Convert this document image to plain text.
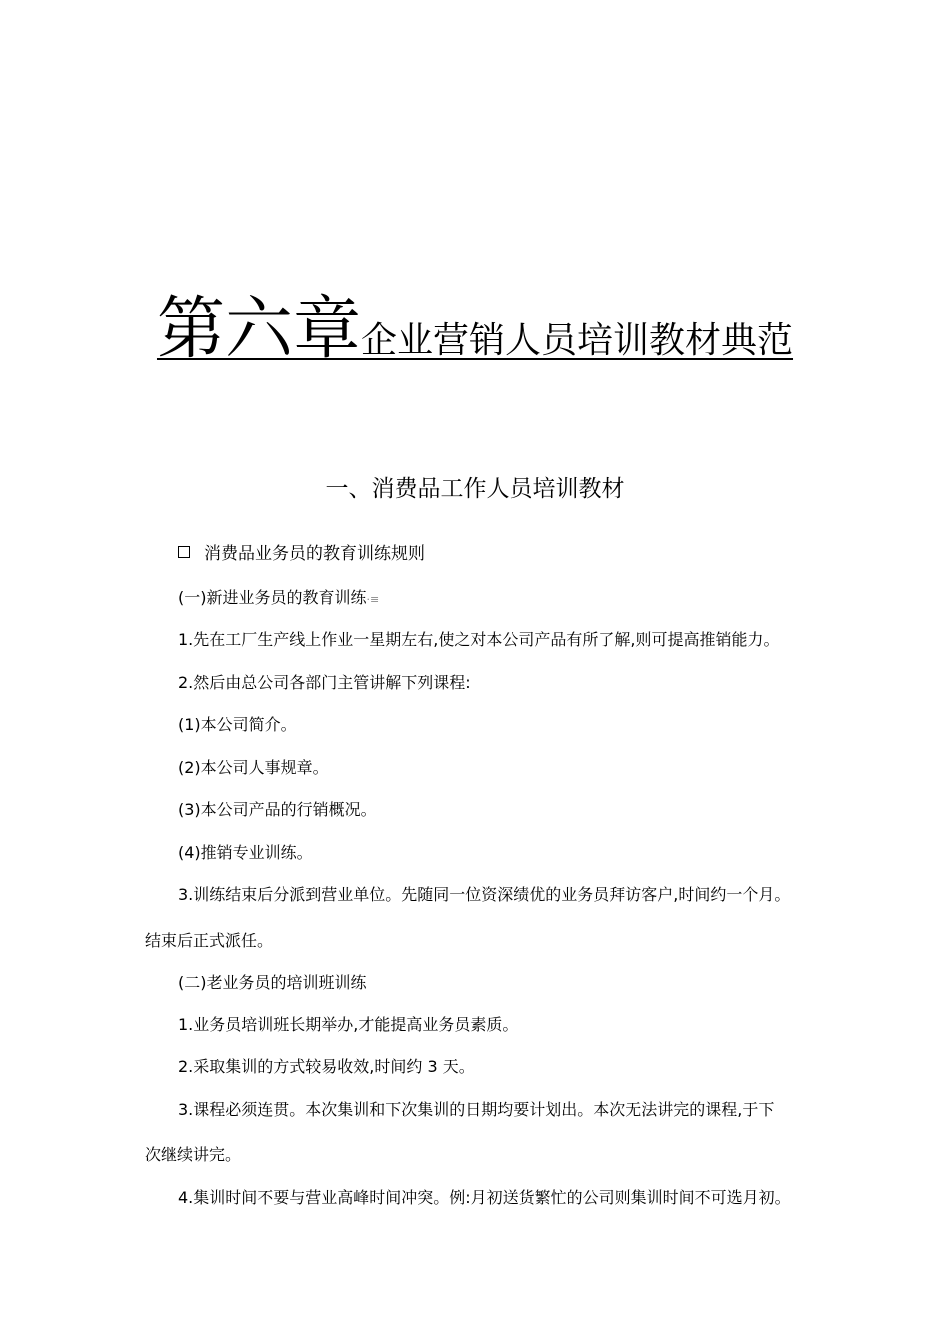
第六章企业营销人员培训教材典范
一、消费品工作人员培训教材
消费品业务员的教育训练规则
(一)新进业务员的教育训练·≡
1.先在工厂生产线上作业一星期左右,使之对本公司产品有所了解,则可提高推销能力。
2.然后由总公司各部门主管讲解下列课程:
(1)本公司简介。
(2)本公司人事规章。
(3)本公司产品的行销概况。
(4)推销专业训练。
3.训练结束后分派到营业单位。先随同一位资深绩优的业务员拜访客户,时间约一个月。
结束后正式派任。
(二)老业务员的培训班训练
1.业务员培训班长期举办,才能提高业务员素质。
2.采取集训的方式较易收效,时间约 3 天。
3.课程必须连贯。本次集训和下次集训的日期均要计划出。本次无法讲完的课程,于下
次继续讲完。
4.集训时间不要与营业高峰时间冲突。例:月初送货繁忙的公司则集训时间不可选月初。
